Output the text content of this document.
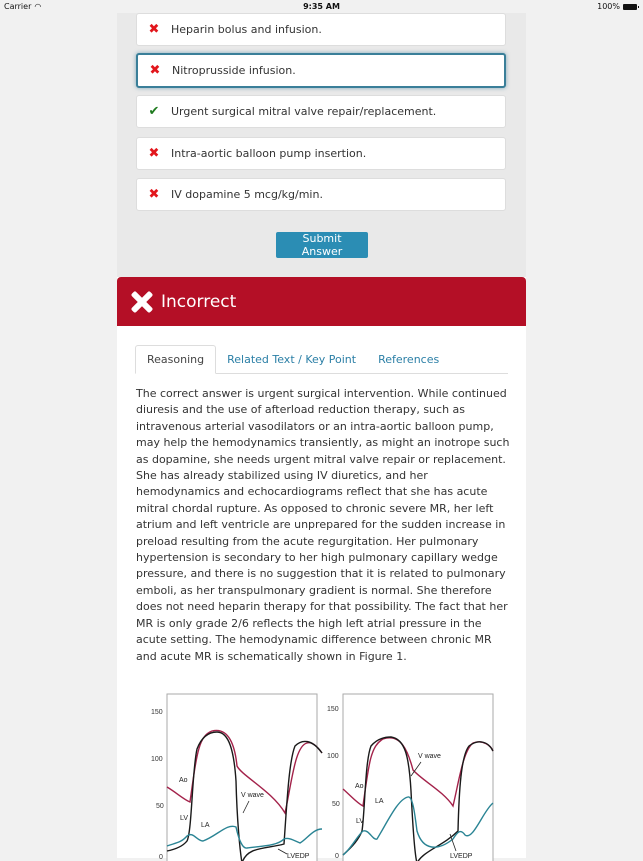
Carrier ◠	9:35 AM	100%
✖	Heparin bolus and infusion.
✖	Nitroprusside infusion.
✔	Urgent surgical mitral valve repair/replacement.
✖	Intra-aortic balloon pump insertion.
✖	IV dopamine 5 mcg/kg/min.
Submit Answer
Incorrect
Reasoning	Related Text / Key Point	References
The correct answer is urgent surgical intervention. While continued diuresis and the use of afterload reduction therapy, such as intravenous arterial vasodilators or an intra-aortic balloon pump, may help the hemodynamics transiently, as might an inotrope such as dopamine, she needs urgent mitral valve repair or replacement. She has already stabilized using IV diuretics, and her hemodynamics and echocardiograms reflect that she has acute mitral chordal rupture. As opposed to chronic severe MR, her left atrium and left ventricle are unprepared for the sudden increase in preload resulting from the acute regurgitation. Her pulmonary hypertension is secondary to her high pulmonary capillary wedge pressure, and there is no suggestion that it is related to pulmonary emboli, as her transpulmonary gradient is normal. She therefore does not need heparin therapy for that possibility. The fact that her MR is only grade 2/6 reflects the high left atrial pressure in the acute setting. The hemodynamic difference between chronic MR and acute MR is schematically shown in Figure 1.
150
100
50
0
Ao
LV
LA
V wave
LVEDP
150
100
50
0
Ao
LV
LA
V wave
LVEDP
